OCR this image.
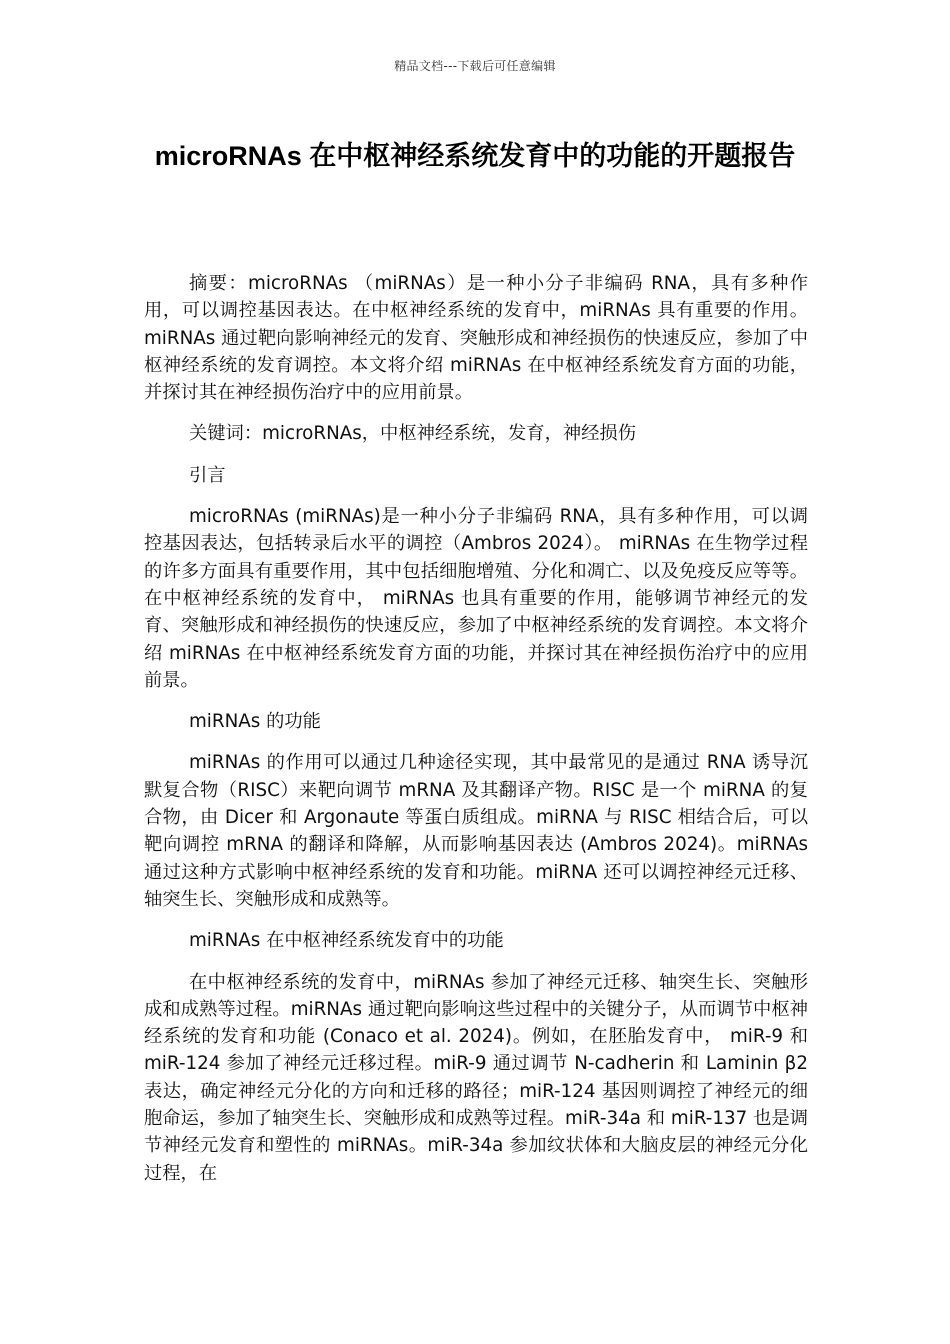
精品文档---下载后可任意编辑
microRNAs 在中枢神经系统发育中的功能的开题报告

摘要：microRNAs （miRNAs）是一种小分子非编码 RNA，具有多种作用，可以调控基因表达。在中枢神经系统的发育中，miRNAs 具有重要的作用。 miRNAs 通过靶向影响神经元的发育、突触形成和神经损伤的快速反应，参加了中枢神经系统的发育调控。本文将介绍 miRNAs 在中枢神经系统发育方面的功能，并探讨其在神经损伤治疗中的应用前景。

关键词：microRNAs，中枢神经系统，发育，神经损伤

引言

microRNAs (miRNAs)是一种小分子非编码 RNA，具有多种作用，可以调控基因表达，包括转录后水平的调控（Ambros 2024）。 miRNAs 在生物学过程的许多方面具有重要作用，其中包括细胞增殖、分化和凋亡、以及免疫反应等等。在中枢神经系统的发育中， miRNAs 也具有重要的作用，能够调节神经元的发育、突触形成和神经损伤的快速反应，参加了中枢神经系统的发育调控。本文将介绍 miRNAs 在中枢神经系统发育方面的功能，并探讨其在神经损伤治疗中的应用前景。

miRNAs 的功能

miRNAs 的作用可以通过几种途径实现，其中最常见的是通过 RNA 诱导沉默复合物（RISC）来靶向调节 mRNA 及其翻译产物。RISC 是一个 miRNA 的复合物，由 Dicer 和 Argonaute 等蛋白质组成。miRNA 与 RISC 相结合后，可以靶向调控 mRNA 的翻译和降解，从而影响基因表达 (Ambros 2024)。miRNAs 通过这种方式影响中枢神经系统的发育和功能。miRNA 还可以调控神经元迁移、轴突生长、突触形成和成熟等。

miRNAs 在中枢神经系统发育中的功能

在中枢神经系统的发育中，miRNAs 参加了神经元迁移、轴突生长、突触形成和成熟等过程。miRNAs 通过靶向影响这些过程中的关键分子，从而调节中枢神经系统的发育和功能 (Conaco et al. 2024)。例如，在胚胎发育中， miR-9 和 miR-124 参加了神经元迁移过程。miR-9 通过调节 N-cadherin 和 Laminin β2 表达，确定神经元分化的方向和迁移的路径；miR-124 基因则调控了神经元的细胞命运，参加了轴突生长、突触形成和成熟等过程。miR-34a 和 miR-137 也是调节神经元发育和塑性的 miRNAs。miR-34a 参加纹状体和大脑皮层的神经元分化过程，在
